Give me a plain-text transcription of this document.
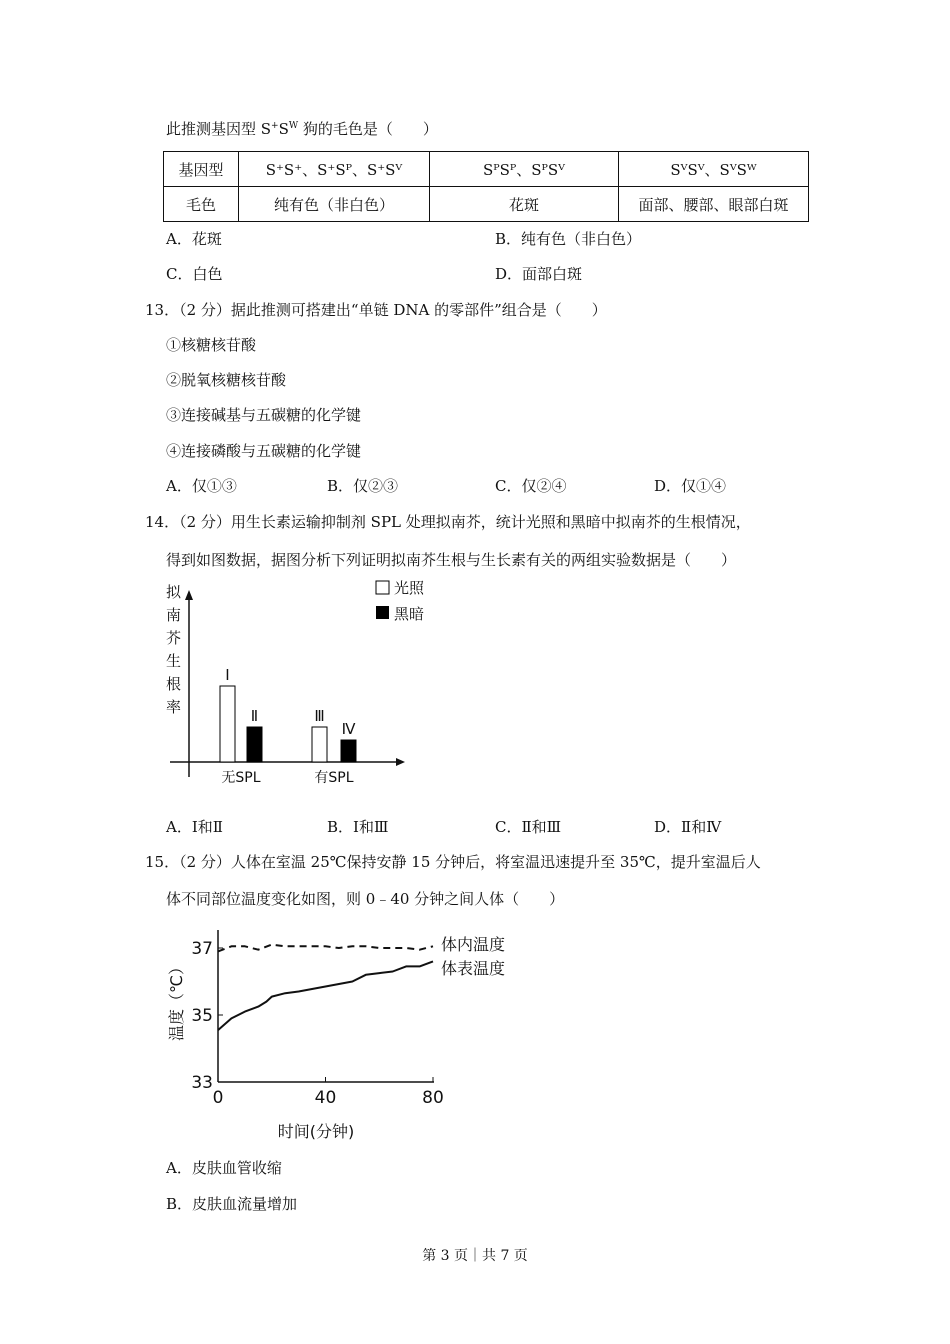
此推测基因型 $S^+S^W$ 狗的毛色是（　　）
基因型	S⁺S⁺、S⁺Sᴾ、S⁺Sⱽ	SᴾSᴾ、SᴾSⱽ	SⱽSⱽ、SⱽSᵂ
毛色	纯有色（非白色）	花斑	面部、腰部、眼部白斑
A．花斑	B．纯有色（非白色）
C．白色	D．面部白斑
13．（2 分）据此推测可搭建出“单链 DNA 的零部件”组合是（　　）
①核糖核苷酸
②脱氧核糖核苷酸
③连接碱基与五碳糖的化学键
④连接磷酸与五碳糖的化学键
A．仅①③	B．仅②③	C．仅②④	D．仅①④
14．（2 分）用生长素运输抑制剂 SPL 处理拟南芥，统计光照和黑暗中拟南芥的生根情况，
得到如图数据，据图分析下列证明拟南芥生根与生长素有关的两组实验数据是（　　）
拟
南
芥
生
根
率
Ⅰ
Ⅱ
无SPL
Ⅲ
Ⅳ
有SPL
光照
黑暗
0	40	80
33
35
37
时间(分钟)
温度（℃）
体内温度
体表温度
A．Ⅰ和Ⅱ	B．Ⅰ和Ⅲ	C．Ⅱ和Ⅲ	D．Ⅱ和Ⅳ
15．（2 分）人体在室温 25℃保持安静 15 分钟后，将室温迅速提升至 35℃，提升室温后人
体不同部位温度变化如图，则 0﹣40 分钟之间人体（　　）
A．皮肤血管收缩
B．皮肤血流量增加
第 3 页｜共 7 页
